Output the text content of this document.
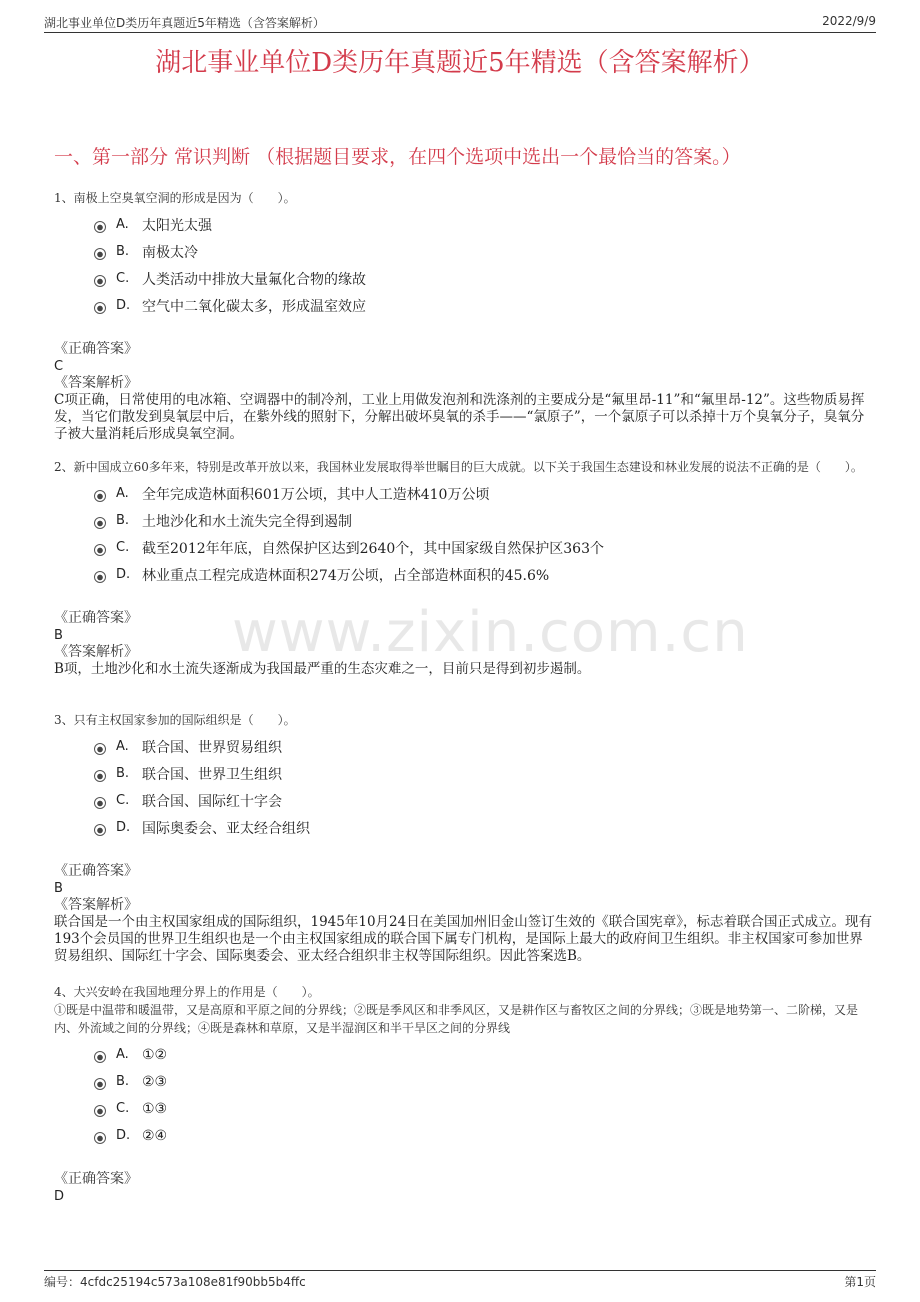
湖北事业单位D类历年真题近5年精选（含答案解析）	2022/9/9
湖北事业单位D类历年真题近5年精选（含答案解析）
一、第一部分 常识判断 （根据题目要求，在四个选项中选出一个最恰当的答案。）
www.zixin.com.cn
1、南极上空臭氧空洞的形成是因为（　　）。
A. 太阳光太强
B. 南极太冷
C. 人类活动中排放大量氟化合物的缘故
D. 空气中二氧化碳太多，形成温室效应
《正确答案》
C
《答案解析》

C项正确，日常使用的电冰箱、空调器中的制冷剂，工业上用做发泡剂和洗涤剂的主要成分是“氟里昂-11”和“氟里昂-12”。这些物质易挥发，当它们散发到臭氧层中后，在紫外线的照射下，分解出破坏臭氧的杀手——“氯原子”，一个氯原子可以杀掉十万个臭氧分子，臭氧分子被大量消耗后形成臭氧空洞。

2、新中国成立60多年来，特别是改革开放以来，我国林业发展取得举世瞩目的巨大成就。以下关于我国生态建设和林业发展的说法不正确的是（　　）。
A. 全年完成造林面积601万公顷，其中人工造林410万公顷
B. 土地沙化和水土流失完全得到遏制
C. 截至2012年年底，自然保护区达到2640个，其中国家级自然保护区363个
D. 林业重点工程完成造林面积274万公顷，占全部造林面积的45.6%
《正确答案》
B
《答案解析》

B项，土地沙化和水土流失逐渐成为我国最严重的生态灾难之一，目前只是得到初步遏制。

3、只有主权国家参加的国际组织是（　　）。
A. 联合国、世界贸易组织
B. 联合国、世界卫生组织
C. 联合国、国际红十字会
D. 国际奥委会、亚太经合组织
《正确答案》
B
《答案解析》

联合国是一个由主权国家组成的国际组织，1945年10月24日在美国加州旧金山签订生效的《联合国宪章》，标志着联合国正式成立。现有193个会员国的世界卫生组织也是一个由主权国家组成的联合国下属专门机构，是国际上最大的政府间卫生组织。非主权国家可参加世界贸易组织、国际红十字会、国际奥委会、亚太经合组织非主权等国际组织。因此答案选B。

4、大兴安岭在我国地理分界上的作用是（　　）。
①既是中温带和暖温带，又是高原和平原之间的分界线；②既是季风区和非季风区，又是耕作区与畜牧区之间的分界线；③既是地势第一、二阶梯，又是内、外流域之间的分界线；④既是森林和草原，又是半湿润区和半干旱区之间的分界线
A. ①②
B. ②③
C. ①③
D. ②④
《正确答案》
D
编号：4cfdc25194c573a108e81f90bb5b4ffc	第1页
